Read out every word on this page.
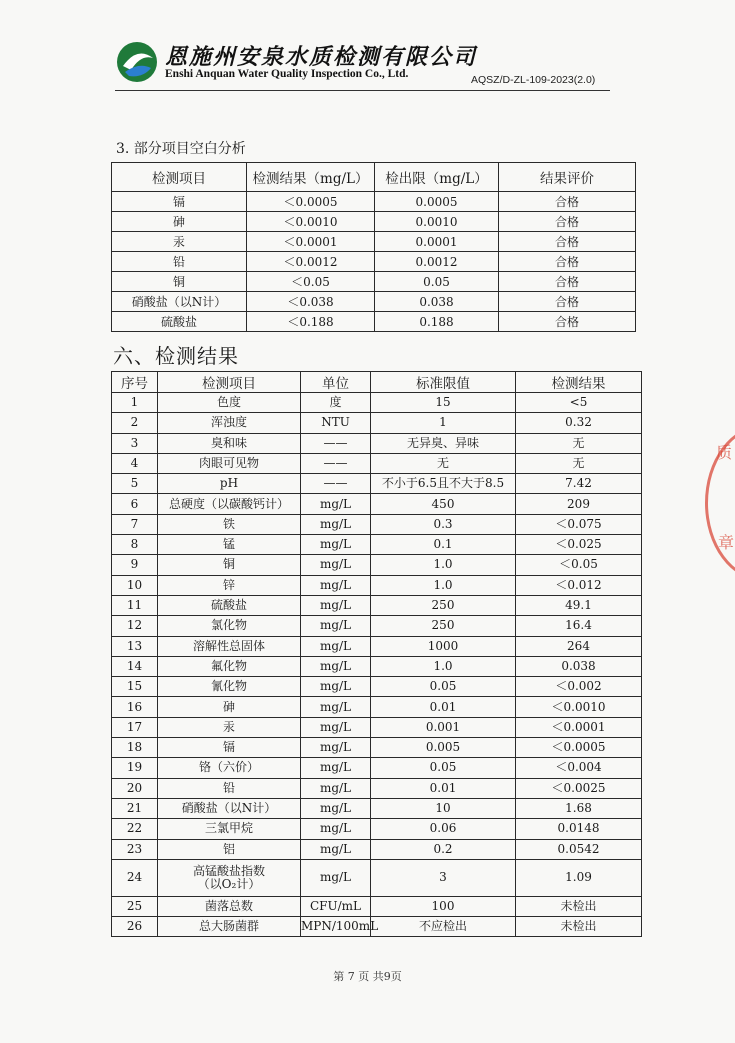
恩施州安泉水质检测有限公司
Enshi Anquan Water Quality Inspection Co., Ltd.	AQSZ/D-ZL-109-2023(2.0)
3. 部分项目空白分析
检测项目	检测结果（mg/L）	检出限（mg/L）	结果评价
镉	＜0.0005	0.0005	合格
砷	＜0.0010	0.0010	合格
汞	＜0.0001	0.0001	合格
铅	＜0.0012	0.0012	合格
铜	＜0.05	0.05	合格
硝酸盐（以N计）	＜0.038	0.038	合格
硫酸盐	＜0.188	0.188	合格
六、检测结果
序号	检测项目	单位	标准限值	检测结果
1	色度	度	15	<5
2	浑浊度	NTU	1	0.32
3	臭和味	——	无异臭、异味	无
4	肉眼可见物	——	无	无
5	pH	——	不小于6.5且不大于8.5	7.42
6	总硬度（以碳酸钙计）	mg/L	450	209
7	铁	mg/L	0.3	＜0.075
8	锰	mg/L	0.1	＜0.025
9	铜	mg/L	1.0	＜0.05
10	锌	mg/L	1.0	＜0.012
11	硫酸盐	mg/L	250	49.1
12	氯化物	mg/L	250	16.4
13	溶解性总固体	mg/L	1000	264
14	氟化物	mg/L	1.0	0.038
15	氰化物	mg/L	0.05	＜0.002
16	砷	mg/L	0.01	＜0.0010
17	汞	mg/L	0.001	＜0.0001
18	镉	mg/L	0.005	＜0.0005
19	铬（六价）	mg/L	0.05	＜0.004
20	铅	mg/L	0.01	＜0.0025
21	硝酸盐（以N计）	mg/L	10	1.68
22	三氯甲烷	mg/L	0.06	0.0148
23	铝	mg/L	0.2	0.0542
24	高锰酸盐指数
（以O₂计）	mg/L	3	1.09
25	菌落总数	CFU/mL	100	未检出
26	总大肠菌群	MPN/100mL	不应检出	未检出
质
章
第 7 页 共9页
